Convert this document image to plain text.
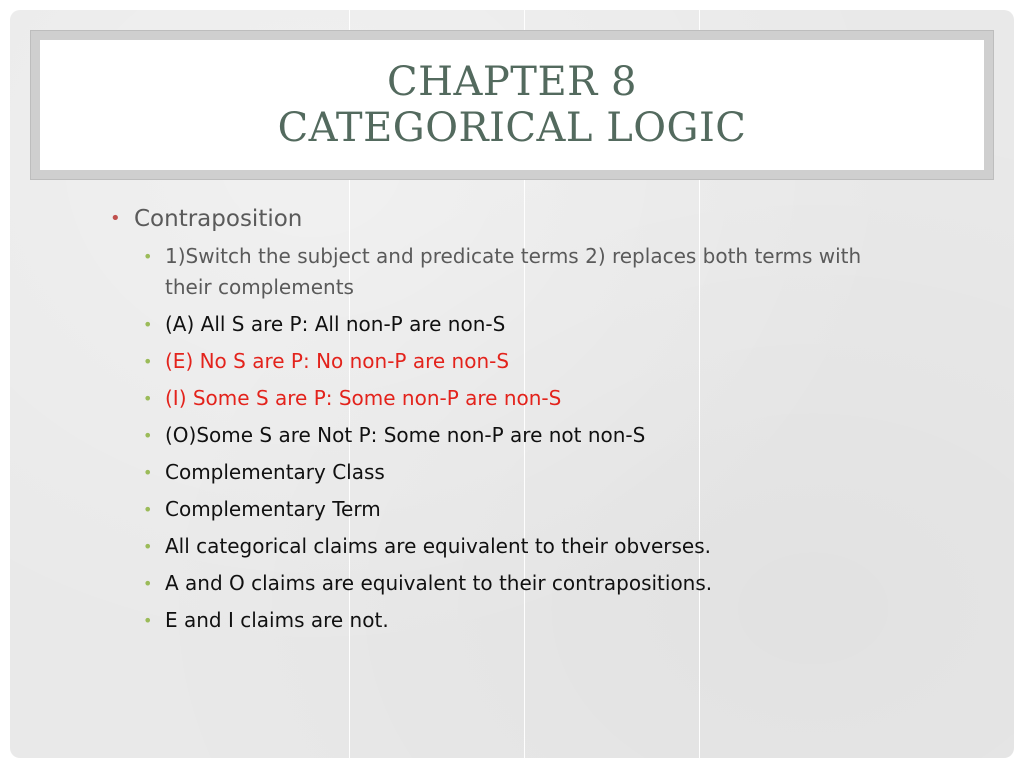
CHAPTER 8
CATEGORICAL LOGIC
• Contraposition
• 1)Switch the subject and predicate terms 2) replaces both terms with their complements
• (A) All S are P: All non-P are non-S
• (E) No S are P: No non-P are non-S
• (I) Some S are P: Some non-P are non-S
• (O)Some S are Not P: Some non-P are not non-S
• Complementary Class
• Complementary Term
• All categorical claims are equivalent to their obverses.
• A and O claims are equivalent to their contrapositions.
• E and I claims are not.
